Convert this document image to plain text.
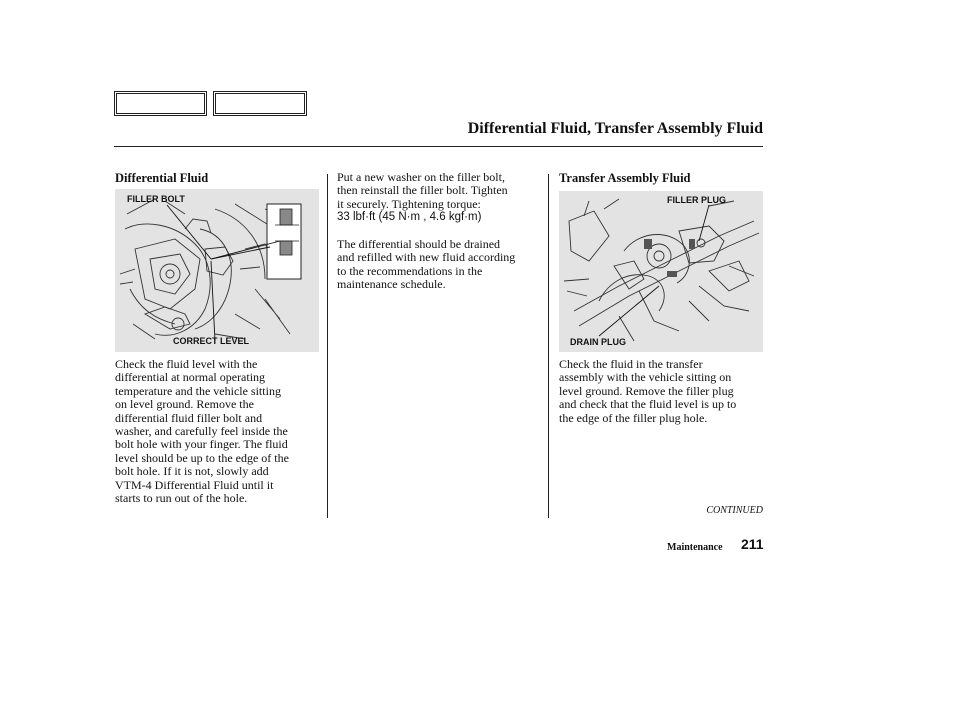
Differential Fluid, Transfer Assembly Fluid
Differential Fluid
FILLER BOLT
CORRECT LEVEL
Check the fluid level with the
differential at normal operating
temperature and the vehicle sitting
on level ground. Remove the
differential fluid filler bolt and
washer, and carefully feel inside the
bolt hole with your finger. The fluid
level should be up to the edge of the
bolt hole. If it is not, slowly add
VTM-4 Differential Fluid until it
starts to run out of the hole.
Put a new washer on the filler bolt,
then reinstall the filler bolt. Tighten
it securely. Tightening torque:
33 lbf·ft (45 N·m , 4.6 kgf·m)
The differential should be drained
and refilled with new fluid according
to the recommendations in the
maintenance schedule.
Transfer Assembly Fluid
FILLER PLUG
DRAIN PLUG
Check the fluid in the transfer
assembly with the vehicle sitting on
level ground. Remove the filler plug
and check that the fluid level is up to
the edge of the filler plug hole.
CONTINUED
Maintenance 211
